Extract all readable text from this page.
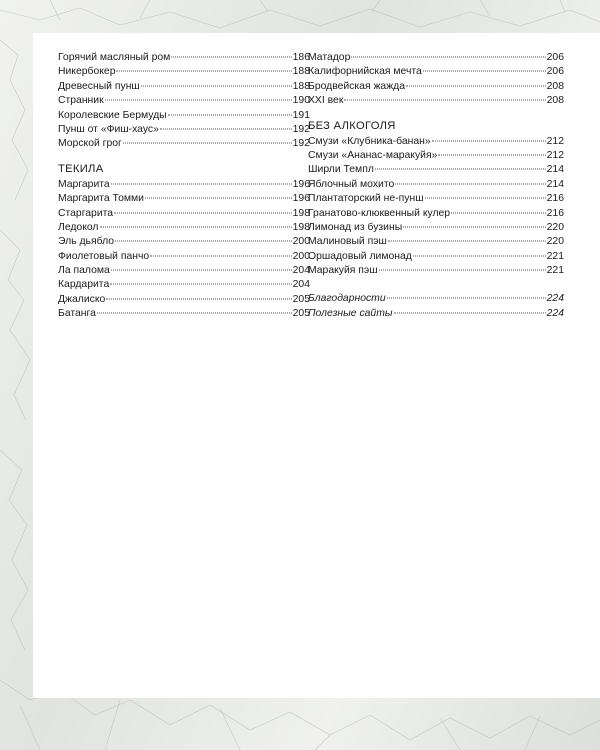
Горячий масляный ром	186
Никербокер	188
Древесный пунш	188
Странник	190
Королевские Бермуды	191
Пунш от «Фиш-хаус»	192
Морской грог	192
ТЕКИЛА
Маргарита	196
Маргарита Томми	196
Старгарита	198
Ледокол	198
Эль дьябло	200
Фиолетовый панчо	200
Ла палома	204
Кардарита	204
Джалиско	205
Батанга	205
Матадор	206
Калифорнийская мечта	206
Бродвейская жажда	208
XXI век	208
БЕЗ АЛКОГОЛЯ
Смузи «Клубника-банан»	212
Смузи «Ананас-маракуйя»	212
Ширли Темпл	214
Яблочный мохито	214
Плантаторский не-пунш	216
Гранатово-клюквенный кулер	216
Лимонад из бузины	220
Малиновый пэш	220
Оршадовый лимонад	221
Маракуйя пэш	221
Благодарности	224
Полезные сайты	224
